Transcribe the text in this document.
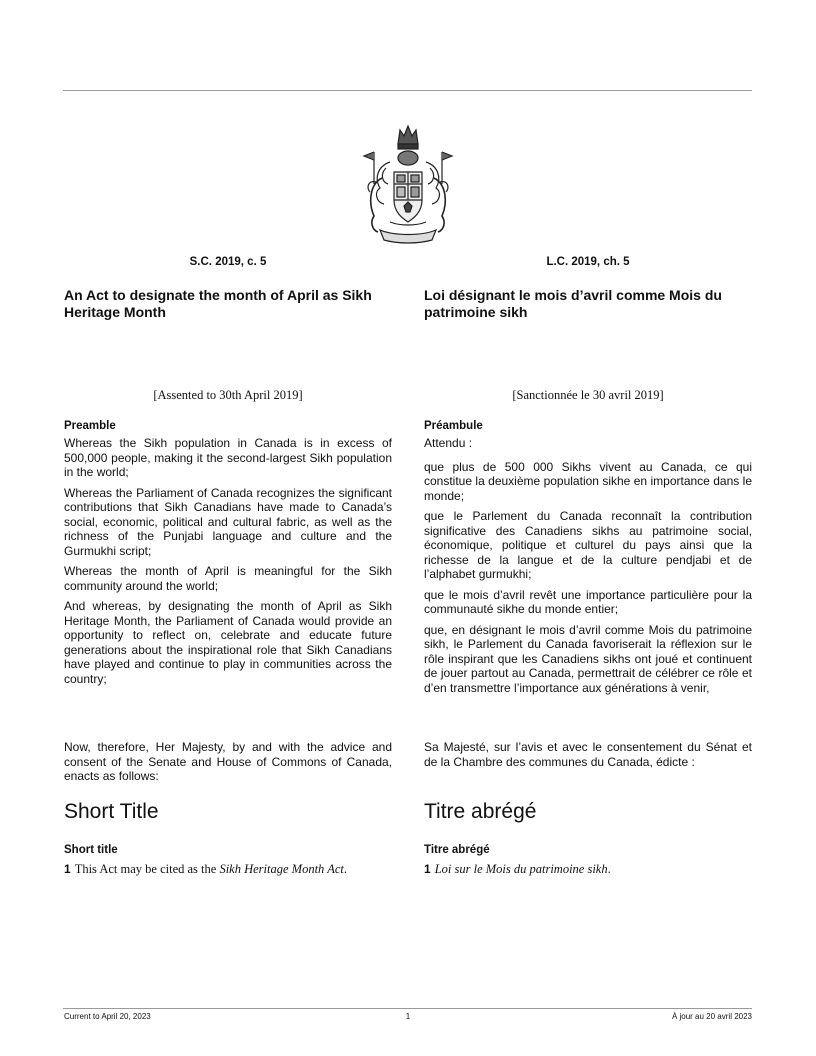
S.C. 2019, c. 5
An Act to designate the month of April as Sikh Heritage Month
[Assented to 30th April 2019]
Preamble

Whereas the Sikh population in Canada is in excess of 500,000 people, making it the second-largest Sikh population in the world;

Whereas the Parliament of Canada recognizes the significant contributions that Sikh Canadians have made to Canada’s social, economic, political and cultural fabric, as well as the richness of the Punjabi language and culture and the Gurmukhi script;

Whereas the month of April is meaningful for the Sikh community around the world;

And whereas, by designating the month of April as Sikh Heritage Month, the Parliament of Canada would provide an opportunity to reflect on, celebrate and educate future generations about the inspirational role that Sikh Canadians have played and continue to play in communities across the country;

Now, therefore, Her Majesty, by and with the advice and consent of the Senate and House of Commons of Canada, enacts as follows:

Short Title
Short title
1 This Act may be cited as the Sikh Heritage Month Act.
L.C. 2019, ch. 5
Loi désignant le mois d’avril comme Mois du patrimoine sikh
[Sanctionnée le 30 avril 2019]
Préambule

Attendu :

que plus de 500 000 Sikhs vivent au Canada, ce qui constitue la deuxième population sikhe en importance dans le monde;

que le Parlement du Canada reconnaît la contribution significative des Canadiens sikhs au patrimoine social, économique, politique et culturel du pays ainsi que la richesse de la langue et de la culture pendjabi et de l’alphabet gurmukhi;

que le mois d’avril revêt une importance particulière pour la communauté sikhe du monde entier;

que, en désignant le mois d’avril comme Mois du patrimoine sikh, le Parlement du Canada favoriserait la réflexion sur le rôle inspirant que les Canadiens sikhs ont joué et continuent de jouer partout au Canada, permettrait de célébrer ce rôle et d’en transmettre l’importance aux générations à venir,

Sa Majesté, sur l’avis et avec le consentement du Sénat et de la Chambre des communes du Canada, édicte :

Titre abrégé
Titre abrégé
1 Loi sur le Mois du patrimoine sikh.
Current to April 20, 2023	1	À jour au 20 avril 2023
